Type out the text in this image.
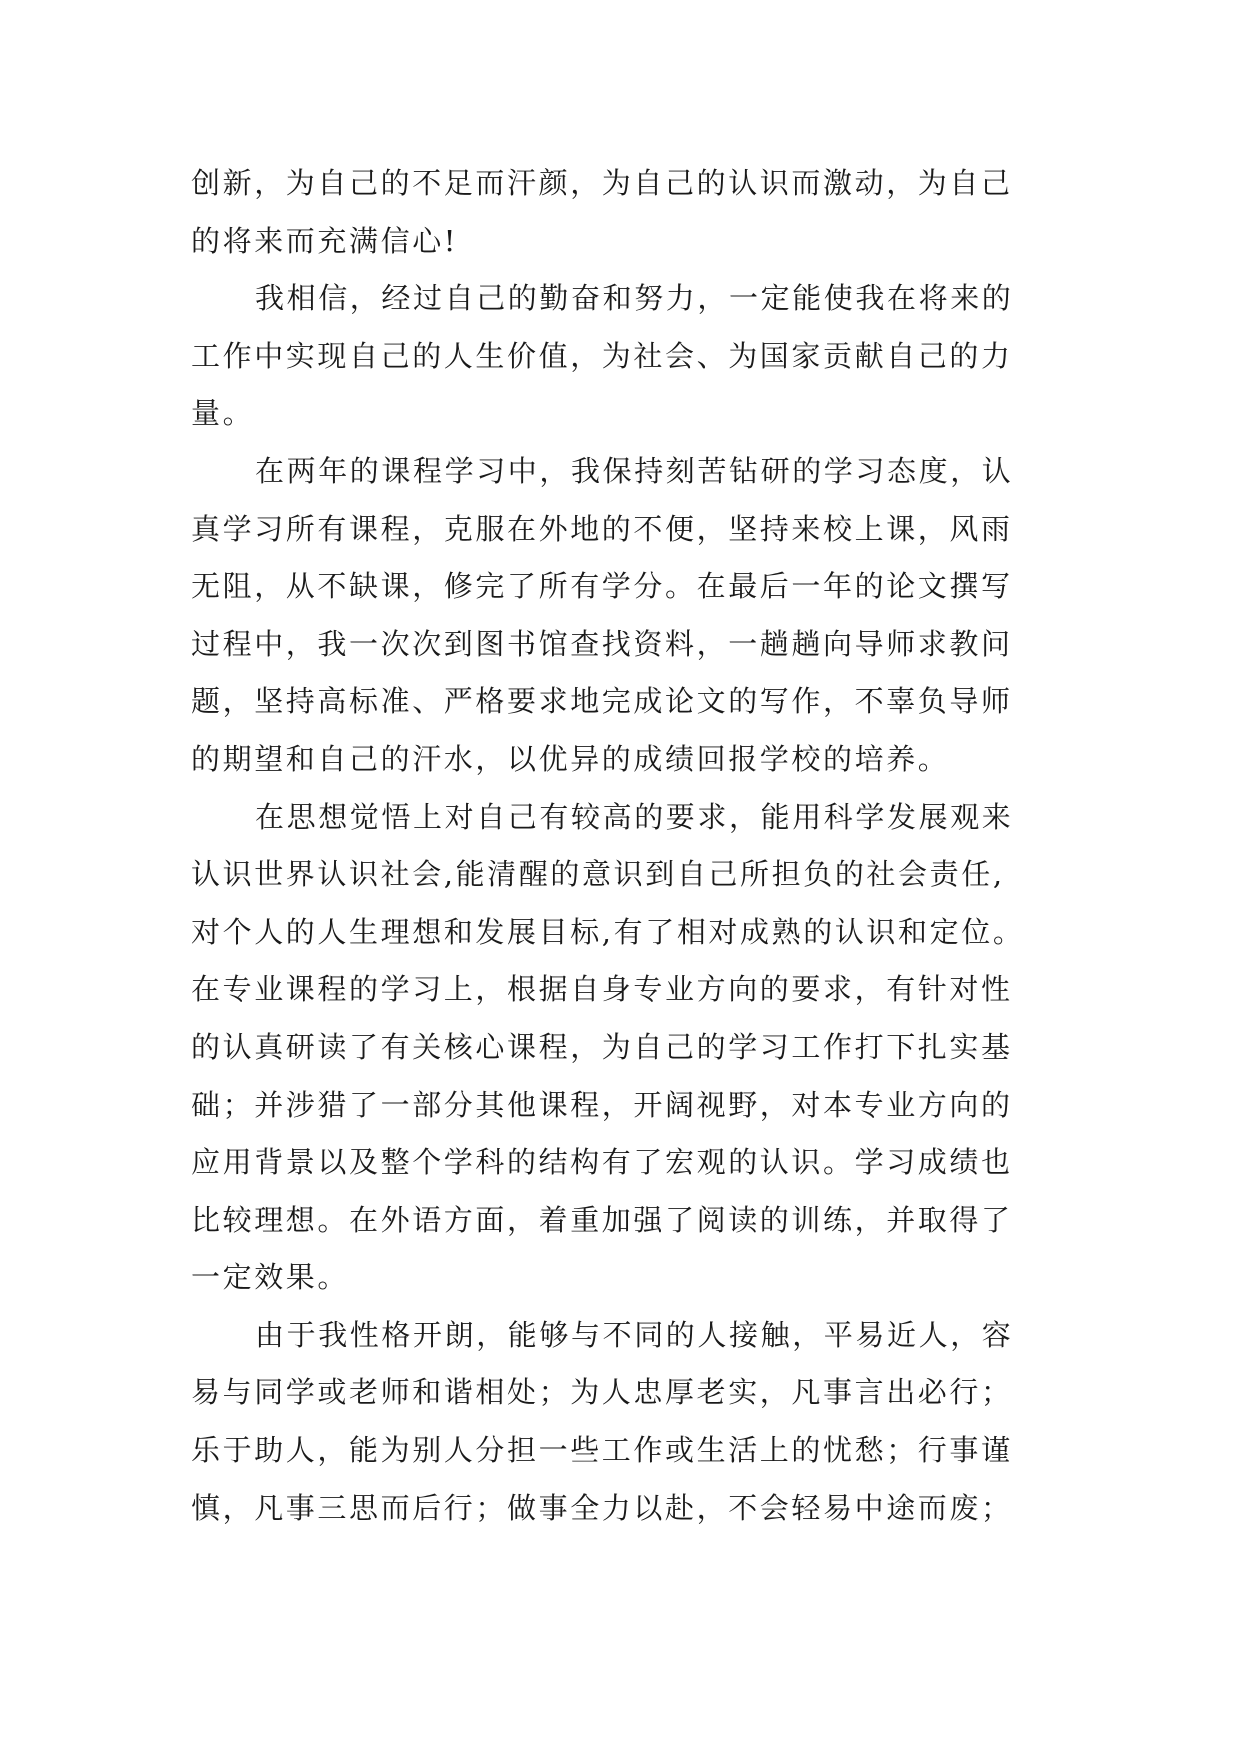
创新，为自己的不足而汗颜，为自己的认识而激动，为自己
的将来而充满信心!
我相信，经过自己的勤奋和努力，一定能使我在将来的
工作中实现自己的人生价值，为社会、为国家贡献自己的力
量。
在两年的课程学习中，我保持刻苦钻研的学习态度，认
真学习所有课程，克服在外地的不便，坚持来校上课，风雨
无阻，从不缺课，修完了所有学分。在最后一年的论文撰写
过程中，我一次次到图书馆查找资料，一趟趟向导师求教问
题，坚持高标准、严格要求地完成论文的写作，不辜负导师
的期望和自己的汗水，以优异的成绩回报学校的培养。
在思想觉悟上对自己有较高的要求，能用科学发展观来
认识世界认识社会,能清醒的意识到自己所担负的社会责任,
对个人的人生理想和发展目标,有了相对成熟的认识和定位。
在专业课程的学习上，根据自身专业方向的要求，有针对性
的认真研读了有关核心课程，为自己的学习工作打下扎实基
础；并涉猎了一部分其他课程，开阔视野，对本专业方向的
应用背景以及整个学科的结构有了宏观的认识。学习成绩也
比较理想。在外语方面，着重加强了阅读的训练，并取得了
一定效果。
由于我性格开朗，能够与不同的人接触，平易近人，容
易与同学或老师和谐相处；为人忠厚老实，凡事言出必行；
乐于助人，能为别人分担一些工作或生活上的忧愁；行事谨
慎，凡事三思而后行；做事全力以赴，不会轻易中途而废；
